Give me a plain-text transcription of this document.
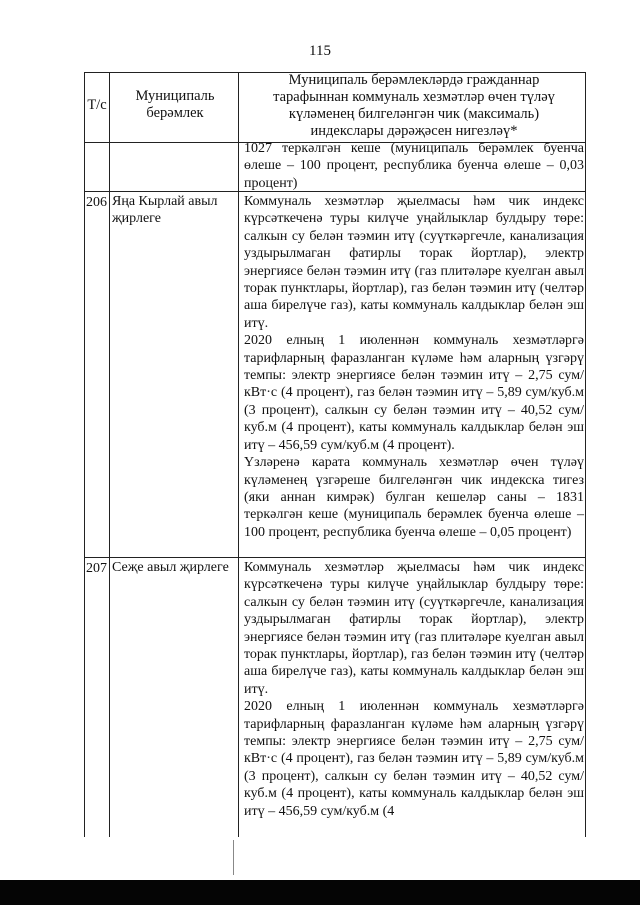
115
Т/с
Муниципаль берәмлек
Муниципаль берәмлекләрдә гражданнар тарафыннан коммуналь хезмәтләр өчен түләү күләменең билгеләнгән чик (максималь) индекслары дәрәҗәсен нигезләү*

1027 теркәлгән кеше (муниципаль берәмлек буенча өлеше – 100 процент, республика буенча өлеше – 0,03 процент)

206 Яңа Кырлай авыл җирлеге

Коммуналь хезмәтләр җыелмасы һәм чик индекс күрсәткеченә туры килүче уңайлыклар булдыру төре: салкын су белән тәэмин итү (суүткәргечле, канализация уздырылмаган фатирлы торак йортлар), электр энергиясе белән тәэмин итү (газ плитәләре куелган авыл торак пунктлары, йортлар), газ белән тәэмин итү (челтәр аша бирелүче газ), каты коммуналь калдыклар белән эш итү.

2020 елның 1 июленнән коммуналь хезмәтләргә тарифларның фаразланган күләме һәм аларның үзгәрү темпы: электр энергиясе белән тәэмин итү – 2,75 сум/кВт·с (4 процент), газ белән тәэмин итү – 5,89 сум/куб.м (3 процент), салкын су белән тәэмин итү – 40,52 сум/куб.м (4 процент), каты коммуналь калдыклар белән эш итү – 456,59 сум/куб.м (4 процент).

Үзләренә карата коммуналь хезмәтләр өчен түләү күләменең үзгәреше билгеләнгән чик индекска тигез (яки аннан кимрәк) булган кешеләр саны – 1831 теркәлгән кеше (муниципаль берәмлек буенча өлеше – 100 процент, республика буенча өлеше – 0,05 процент)

207 Сеҗе авыл җирлеге	Коммуналь хезмәтләр җыелмасы һәм чик индекс күрсәткеченә туры килүче уңайлыклар булдыру төре: салкын су белән тәэмин итү (суүткәргечле, канализация уздырылмаган фатирлы торак йортлар), электр энергиясе белән тәэмин итү (газ плитәләре куелган авыл торак пунктлары, йортлар), газ белән тәэмин итү (челтәр аша бирелүче газ), каты коммуналь калдыклар белән эш итү.

2020 елның 1 июленнән коммуналь хезмәтләргә тарифларның фаразланган күләме һәм аларның үзгәрү темпы: электр энергиясе белән тәэмин итү – 2,75 сум/кВт·с (4 процент), газ белән тәэмин итү – 5,89 сум/куб.м (3 процент), салкын су белән тәэмин итү – 40,52 сум/куб.м (4 процент), каты коммуналь калдыклар белән эш итү – 456,59 сум/куб.м (4
